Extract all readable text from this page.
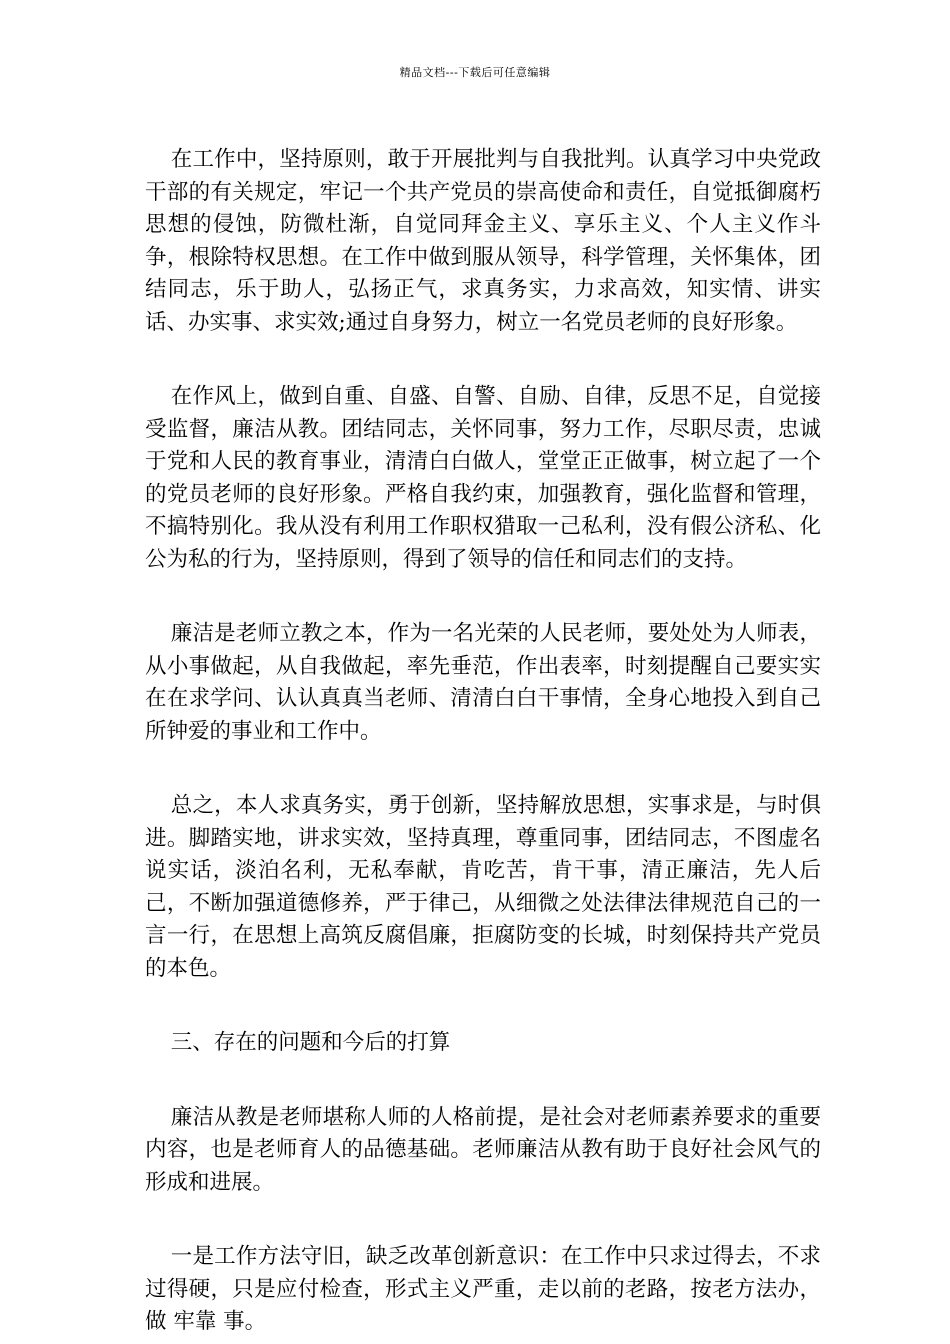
精品文档---下载后可任意编辑

在工作中，坚持原则，敢于开展批判与自我批判。认真学习中央党政干部的有关规定，牢记一个共产党员的崇高使命和责任，自觉抵御腐朽思想的侵蚀，防微杜渐，自觉同拜金主义、享乐主义、个人主义作斗争，根除特权思想。在工作中做到服从领导，科学管理，关怀集体，团结同志，乐于助人，弘扬正气，求真务实，力求高效，知实情、讲实话、办实事、求实效;通过自身努力，树立一名党员老师的良好形象。

在作风上，做到自重、自盛、自警、自励、自律，反思不足，自觉接受监督，廉洁从教。团结同志，关怀同事，努力工作，尽职尽责，忠诚于党和人民的教育事业，清清白白做人，堂堂正正做事，树立起了一个的党员老师的良好形象。严格自我约束，加强教育，强化监督和管理，不搞特别化。我从没有利用工作职权猎取一己私利，没有假公济私、化公为私的行为，坚持原则，得到了领导的信任和同志们的支持。

廉洁是老师立教之本，作为一名光荣的人民老师，要处处为人师表，从小事做起，从自我做起，率先垂范，作出表率，时刻提醒自己要实实在在求学问、认认真真当老师、清清白白干事情，全身心地投入到自己所钟爱的事业和工作中。

总之，本人求真务实，勇于创新，坚持解放思想，实事求是，与时俱进。脚踏实地，讲求实效，坚持真理，尊重同事，团结同志，不图虚名说实话，淡泊名利，无私奉献，肯吃苦，肯干事，清正廉洁，先人后己，不断加强道德修养，严于律己，从细微之处法律法律规范自己的一言一行，在思想上高筑反腐倡廉，拒腐防变的长城，时刻保持共产党员的本色。

三、存在的问题和今后的打算

廉洁从教是老师堪称人师的人格前提，是社会对老师素养要求的重要内容，也是老师育人的品德基础。老师廉洁从教有助于良好社会风气的形成和进展。

一是工作方法守旧，缺乏改革创新意识：在工作中只求过得去，不求过得硬，只是应付检查，形式主义严重，走以前的老路，按老方法办，做 牢靠 事。
